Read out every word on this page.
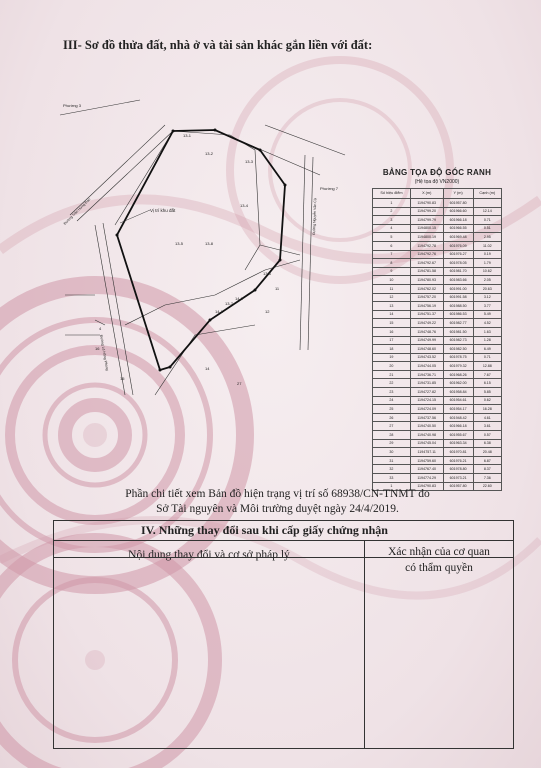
III- Sơ đồ thửa đất, nhà ở và tài sản khác gắn liền với đất:
Phường 3
Phường 7
Vị trí khu đất
13-1
13-2
13-3
13-4
13-5
13-6
13-7
13-8
14-1
14-2
11
12
14
15
16
27
4
Đường Trần Hưng Đạo	Đường Nguyễn Văn Cừ
Đường Lê Hồng Phong
BẢNG TỌA ĐỘ GÓC RANH
(Hệ tọa độ VN2000)
Số hiệu điểm	X (m)	Y (m)	Cạnh (m)
1	1194790.83	601957.80	
2	1194799.20	601966.60	12.14
3	1194799.79	601966.18	0.71
4	1194800.15	601966.55	0.51
5	1194800.19	601969.48	2.95
6	1194792.78	601976.09	11.02
7	1194792.76	601976.27	0.19
8	1194792.67	601978.05	1.79
9	1194781.58	601981.70	10.62
10	1194780.93	601983.66	2.05
11	1194762.02	601991.00	20.63
12	1194757.20	601991.58	3.12
13	1194756.19	601988.50	3.77
14	1194751.37	601986.53	5.49
15	1194749.22	601982.77	4.52
16	1194748.76	601981.50	1.63
17	1194749.99	601982.73	1.28
18	1194748.60	601982.50	6.49
19	1194743.52	601978.75	0.71
20	1194744.05	601979.32	12.88
21	1194736.71	601968.26	7.67
22	1194731.85	601962.00	6.15
23	1194727.82	601958.84	5.85
24	1194724.15	601954.61	0.62
25	1194724.09	601954.17	16.28
26	1194737.56	601948.42	4.61
27	1194740.50	601966.18	3.61
28	1194740.98	601955.67	0.57
29	1194745.04	601963.34	6.38
30	1194757.11	601970.81	20.48
31	1194759.60	601976.21	6.87
32	1194767.40	601978.80	8.37
33	1194774.29	601973.21	7.36
1	1194790.83	601957.80	22.60
Phần chi tiết xem Bản đồ hiện trạng vị trí số 68938/CN-TNMT do
Sở Tài nguyên và Môi trường duyệt ngày 24/4/2019.
IV. Những thay đổi sau khi cấp giấy chứng nhận
Nội dung thay đổi và cơ sở pháp lý	Xác nhận của cơ quan
có thẩm quyền
